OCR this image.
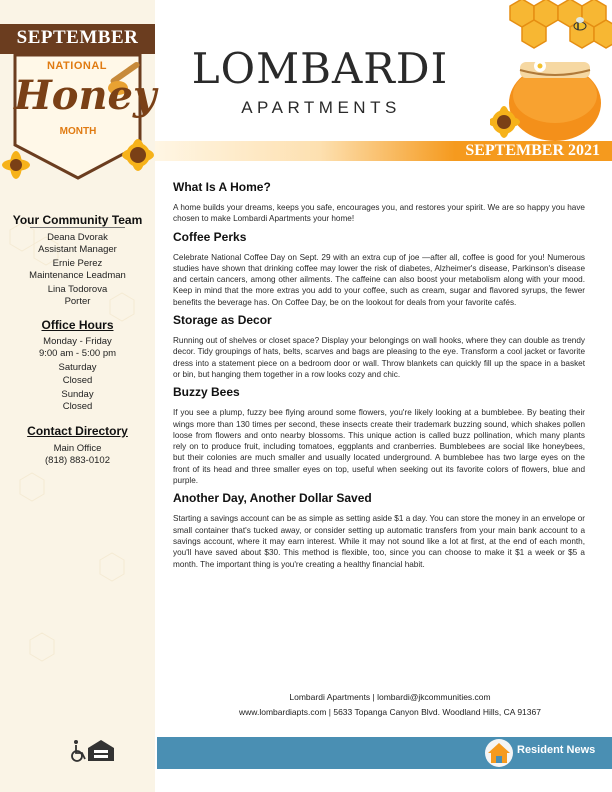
SEPTEMBER
NATIONAL
Honey
MONTH
Your Community Team
Deana Dvorak
Assistant Manager
Ernie Perez
Maintenance Leadman
Lina Todorova
Porter
Office Hours
Monday - Friday
9:00 am - 5:00 pm
Saturday
Closed
Sunday
Closed
Contact Directory
Main Office
(818) 883-0102
LOMBARDI
APARTMENTS
SEPTEMBER 2021
What Is A Home?
A home builds your dreams, keeps you safe, encourages you, and restores your spirit. We are so happy you have chosen to make Lombardi Apartments your home!
Coffee Perks
Celebrate National Coffee Day on Sept. 29 with an extra cup of joe —after all, coffee is good for you! Numerous studies have shown that drinking coffee may lower the risk of diabetes, Alzheimer's disease, Parkinson's disease and certain cancers, among other ailments. The caffeine can also boost your metabolism along with your mood. Keep in mind that the more extras you add to your coffee, such as cream, sugar and flavored syrups, the fewer benefits the beverage has. On Coffee Day, be on the lookout for deals from your favorite cafés.
Storage as Decor
Running out of shelves or closet space? Display your belongings on wall hooks, where they can double as trendy decor. Tidy groupings of hats, belts, scarves and bags are pleasing to the eye. Transform a cool jacket or favorite dress into a statement piece on a bedroom door or wall. Throw blankets can quickly fill up the space in a basket or bin, but hanging them together in a row looks cozy and chic.
Buzzy Bees
If you see a plump, fuzzy bee flying around some flowers, you're likely looking at a bumblebee. By beating their wings more than 130 times per second, these insects create their trademark buzzing sound, which shakes pollen loose from flowers and onto nearby blossoms. This unique action is called buzz pollination, which many plants rely on to produce fruit, including tomatoes, eggplants and cranberries. Bumblebees are social like honeybees, but their colonies are much smaller and usually located underground. A bumblebee has two large eyes on the front of its head and three smaller eyes on top, useful when seeking out its favorite colors of flowers, blue and purple.
Another Day, Another Dollar Saved
Starting a savings account can be as simple as setting aside $1 a day. You can store the money in an envelope or small container that's tucked away, or consider setting up automatic transfers from your main bank account to a savings account, where it may earn interest. While it may not sound like a lot at first, at the end of each month, you'll have saved about $30. This method is flexible, too, since you can choose to make it $1 a week or $5 a month. The important thing is you're creating a healthy financial habit.
Lombardi Apartments | lombardi@jkcommunities.com
www.lombardiapts.com | 5633 Topanga Canyon Blvd. Woodland Hills, CA 91367
Resident News
